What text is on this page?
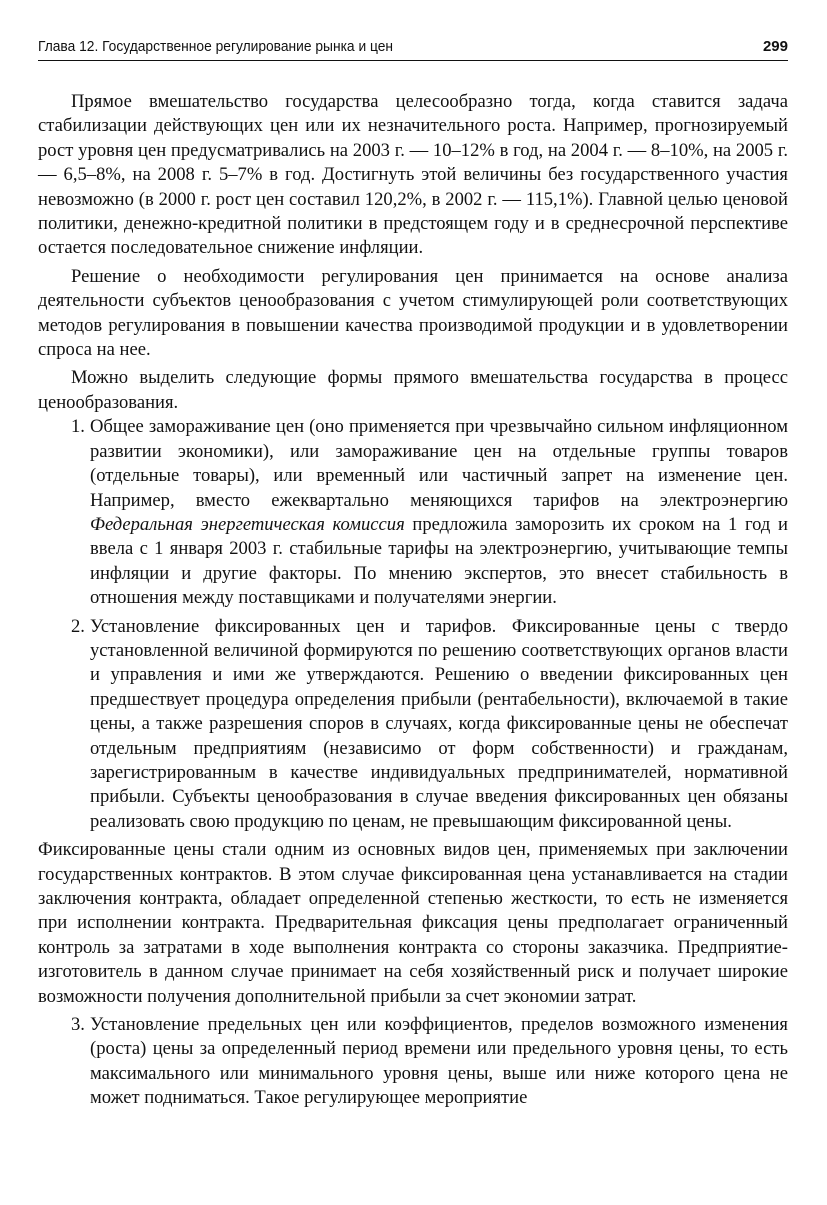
Глава 12. Государственное регулирование рынка и цен	299

Прямое вмешательство государства целесообразно тогда, когда ставится задача стабилизации действующих цен или их незначительного роста. Например, прогнозируемый рост уровня цен предусматривались на 2003 г. — 10–12% в год, на 2004 г. — 8–10%, на 2005 г. — 6,5–8%, на 2008 г. 5–7% в год. Достигнуть этой величины без государственного участия невозможно (в 2000 г. рост цен составил 120,2%, в 2002 г. — 115,1%). Главной целью ценовой политики, денежно-кредитной политики в предстоящем году и в среднесрочной перспективе остается последовательное снижение инфляции.

Решение о необходимости регулирования цен принимается на основе анализа деятельности субъектов ценообразования с учетом стимулирующей роли соответствующих методов регулирования в повышении качества производимой продукции и в удовлетворении спроса на нее.

Можно выделить следующие формы прямого вмешательства государства в процесс ценообразования.

1. Общее замораживание цен (оно применяется при чрезвычайно сильном инфляционном развитии экономики), или замораживание цен на отдельные группы товаров (отдельные товары), или временный или частичный запрет на изменение цен. Например, вместо ежеквартально меняющихся тарифов на электроэнергию Федеральная энергетическая комиссия предложила заморозить их сроком на 1 год и ввела с 1 января 2003 г. стабильные тарифы на электроэнергию, учитывающие темпы инфляции и другие факторы. По мнению экспертов, это внесет стабильность в отношения между поставщиками и получателями энергии.
2. Установление фиксированных цен и тарифов. Фиксированные цены с твердо установленной величиной формируются по решению соответствующих органов власти и управления и ими же утверждаются. Решению о введении фиксированных цен предшествует процедура определения прибыли (рентабельности), включаемой в такие цены, а также разрешения споров в случаях, когда фиксированные цены не обеспечат отдельным предприятиям (независимо от форм собственности) и гражданам, зарегистрированным в качестве индивидуальных предпринимателей, нормативной прибыли. Субъекты ценообразования в случае введения фиксированных цен обязаны реализовать свою продукцию по ценам, не превышающим фиксированной цены.

Фиксированные цены стали одним из основных видов цен, применяемых при заключении государственных контрактов. В этом случае фиксированная цена устанавливается на стадии заключения контракта, обладает определенной степенью жесткости, то есть не изменяется при исполнении контракта. Предварительная фиксация цены предполагает ограниченный контроль за затратами в ходе выполнения контракта со стороны заказчика. Предприятие-изготовитель в данном случае принимает на себя хозяйственный риск и получает широкие возможности получения дополнительной прибыли за счет экономии затрат.

3. Установление предельных цен или коэффициентов, пределов возможного изменения (роста) цены за определенный период времени или предельного уровня цены, то есть максимального или минимального уровня цены, выше или ниже которого цена не может подниматься. Такое регулирующее мероприятие
